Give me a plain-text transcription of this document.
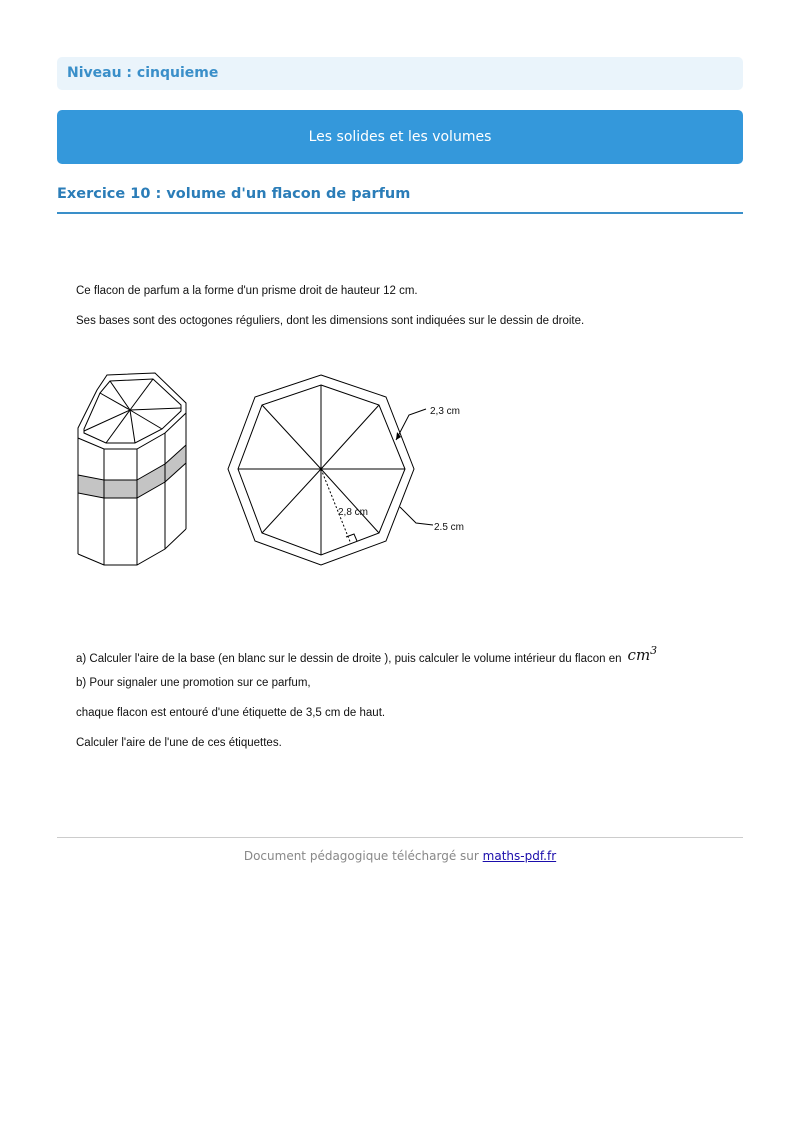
Niveau : cinquieme
Les solides et les volumes
Exercice 10 : volume d'un flacon de parfum
Ce flacon de parfum a la forme d'un prisme droit de hauteur 12 cm.
Ses bases sont des octogones réguliers, dont les dimensions sont indiquées sur le dessin de droite.
2,3 cm
2,8 cm
2.5 cm
a) Calculer l'aire de la base (en blanc sur le dessin de droite ), puis calculer le volume intérieur du flacon en $cm^3$
b) Pour signaler une promotion sur ce parfum,
chaque flacon est entouré d'une étiquette de 3,5 cm de haut.
Calculer l'aire de l'une de ces étiquettes.
Document pédagogique téléchargé sur maths-pdf.fr
